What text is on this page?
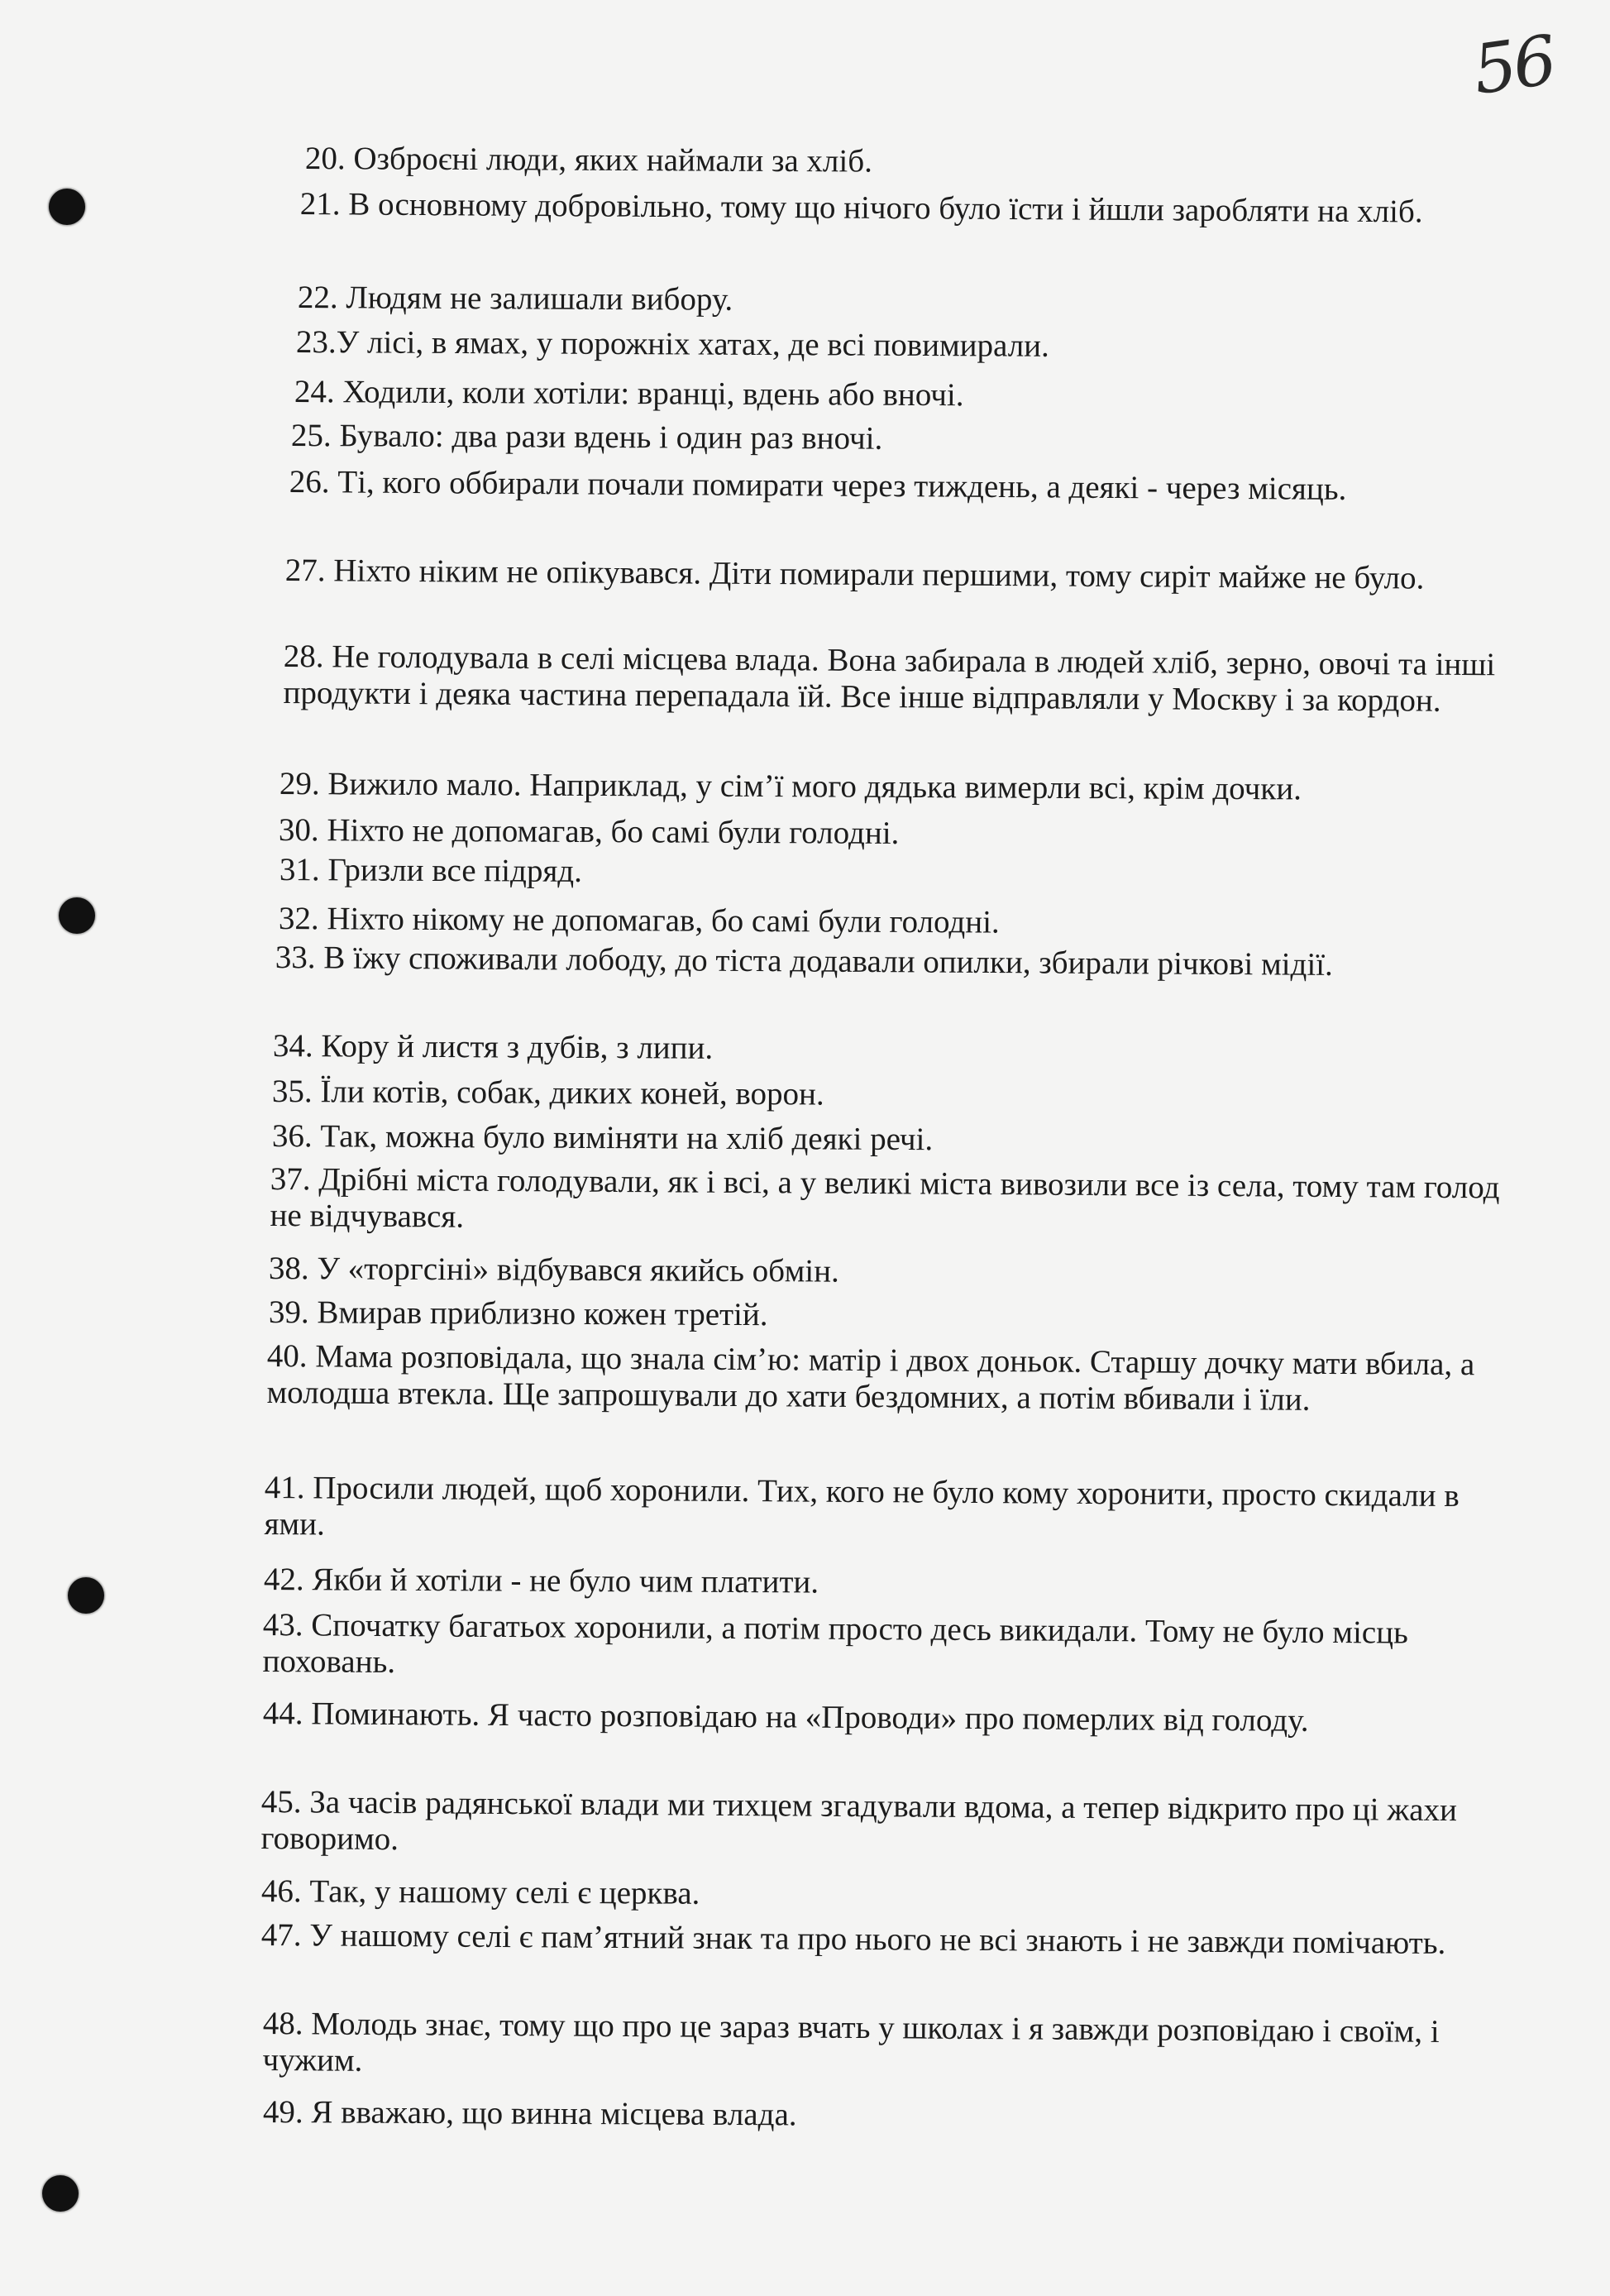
56
20. Озброєні люди, яких наймали за хліб.
21. В основному добровільно, тому що нічого було їсти і йшли заробляти на хліб.
22. Людям не залишали вибору.
23.У лісі, в ямах, у порожніх хатах, де всі повимирали.
24. Ходили, коли хотіли: вранці, вдень або вночі.
25. Бувало: два рази вдень і один раз вночі.
26. Ті, кого оббирали почали помирати через тиждень, а деякі - через місяць.
27. Ніхто ніким не опікувався. Діти помирали першими, тому сиріт майже не було.
28. Не голодувала в селі місцева влада. Вона забирала в людей хліб, зерно, овочі та інші продукти і деяка частина перепадала їй. Все інше відправляли у Москву і за кордон.
29. Вижило мало. Наприклад, у сім’ї мого дядька вимерли всі, крім дочки.
30. Ніхто не допомагав, бо самі були голодні.
31. Гризли все підряд.
32. Ніхто нікому не допомагав, бо самі були голодні.
33. В їжу споживали лободу, до тіста додавали опилки, збирали річкові мідії.
34. Кору й листя з дубів, з липи.
35. Їли котів, собак, диких коней, ворон.
36. Так, можна було виміняти на хліб деякі речі.
37. Дрібні міста голодували, як і всі, а у великі міста вивозили все із села, тому там голод не відчувався.
38. У «торгсіні» відбувався якийсь обмін.
39. Вмирав приблизно кожен третій.
40. Мама розповідала, що знала сім’ю: матір і двох доньок. Старшу дочку мати вбила, а молодша втекла. Ще запрошували до хати бездомних, а потім вбивали і їли.
41. Просили людей, щоб хоронили. Тих, кого не було кому хоронити, просто скидали в ями.
42. Якби й хотіли - не було чим платити.
43. Спочатку багатьох хоронили, а потім просто десь викидали. Тому не було місць поховань.
44. Поминають. Я часто розповідаю на «Проводи» про померлих від голоду.
45. За часів радянської влади ми тихцем згадували вдома, а тепер відкрито про ці жахи говоримо.
46. Так, у нашому селі є церква.
47. У нашому селі є пам’ятний знак та про нього не всі знають і не завжди помічають.
48. Молодь знає, тому що про це зараз вчать у школах і я завжди розповідаю і своїм, і чужим.
49. Я вважаю, що винна місцева влада.
